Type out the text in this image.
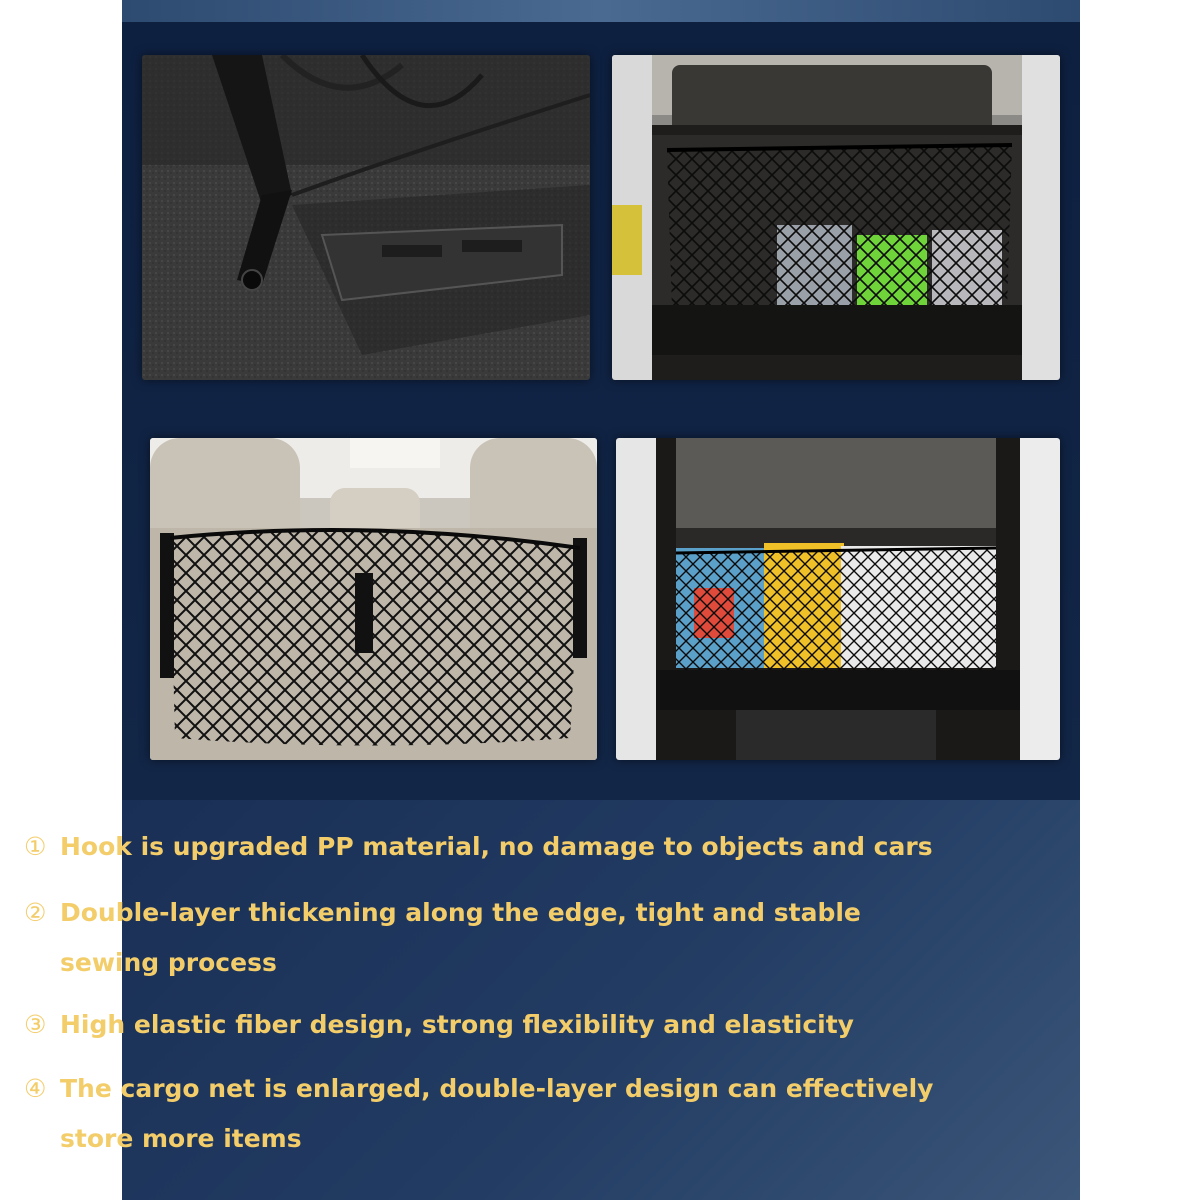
① Hook is upgraded PP material, no damage to objects and cars
② Double-layer thickening along the edge, tight and stable sewing process
③ High elastic fiber design, strong flexibility and elasticity
④ The cargo net is enlarged, double-layer design can effectively store more items
